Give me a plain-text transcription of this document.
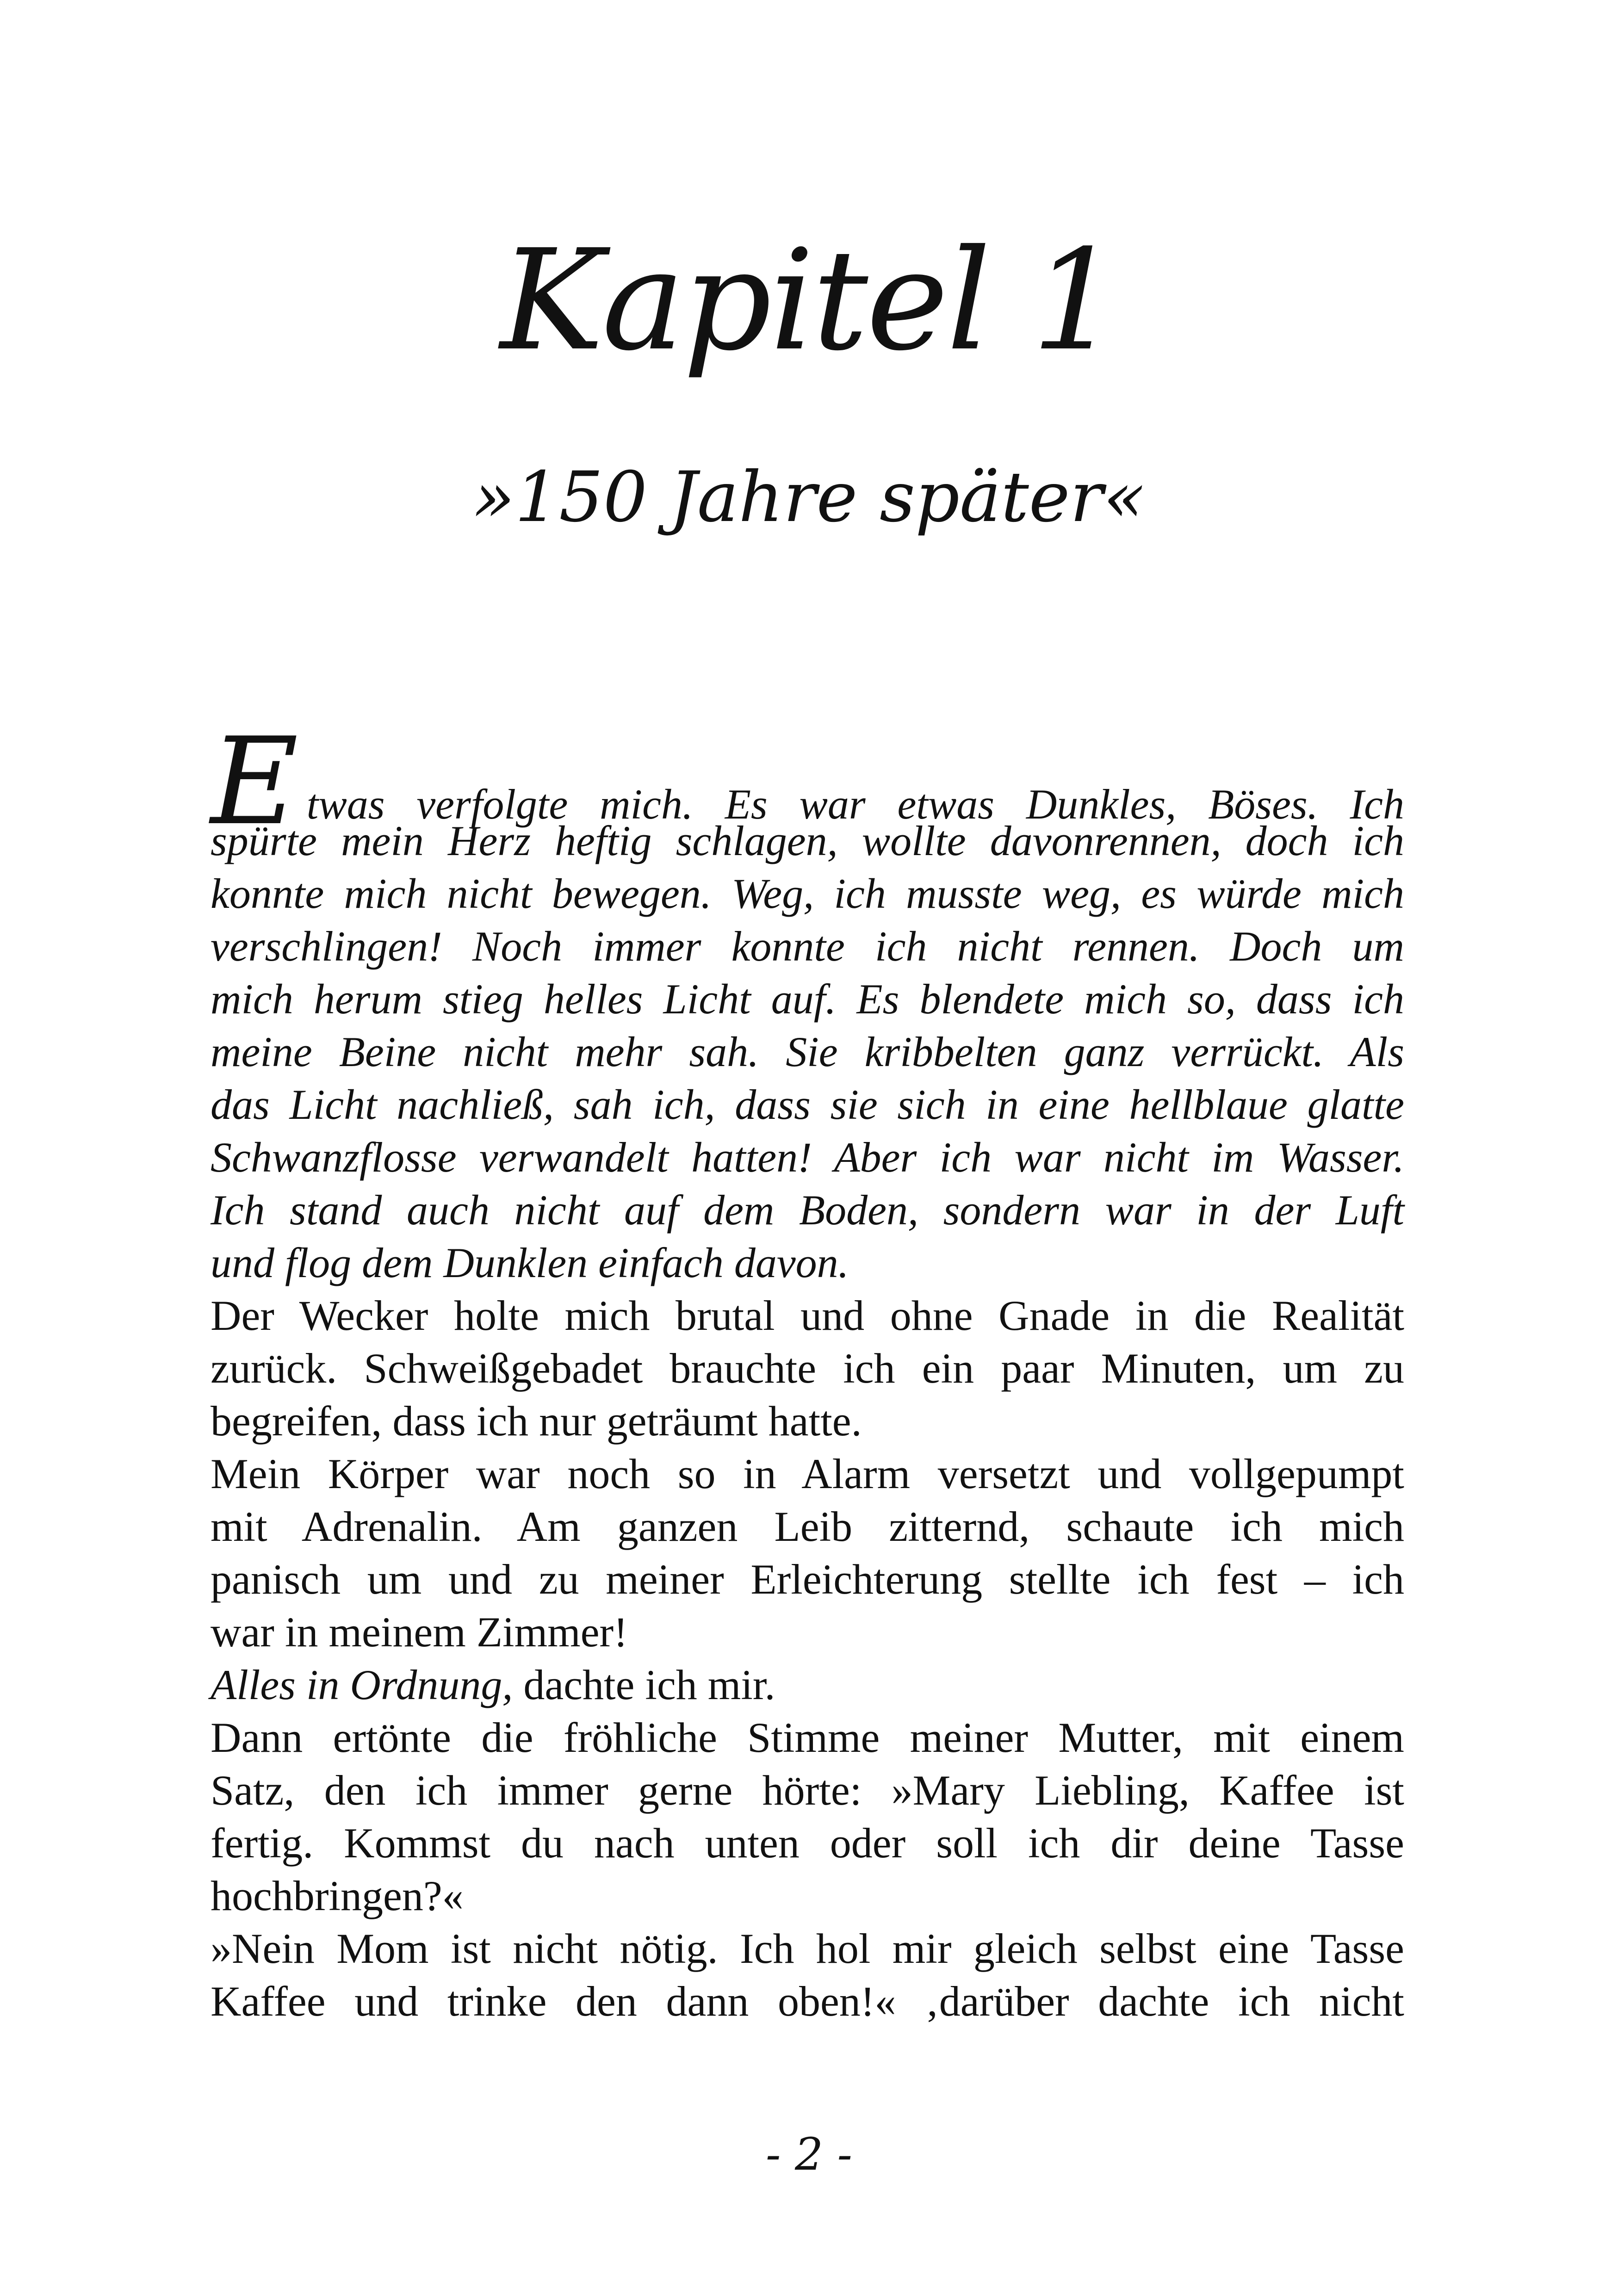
Kapitel 1
»150 Jahre später«
Etwas verfolgte mich. Es war etwas Dunkles, Böses. Ich
spürte mein Herz heftig schlagen, wollte davonrennen, doch ich
konnte mich nicht bewegen. Weg, ich musste weg, es würde mich
verschlingen! Noch immer konnte ich nicht rennen. Doch um
mich herum stieg helles Licht auf. Es blendete mich so, dass ich
meine Beine nicht mehr sah. Sie kribbelten ganz verrückt. Als
das Licht nachließ, sah ich, dass sie sich in eine hellblaue glatte
Schwanzflosse verwandelt hatten! Aber ich war nicht im Wasser.
Ich stand auch nicht auf dem Boden, sondern war in der Luft
und flog dem Dunklen einfach davon.
Der Wecker holte mich brutal und ohne Gnade in die Realität
zurück. Schweißgebadet brauchte ich ein paar Minuten, um zu
begreifen, dass ich nur geträumt hatte.
Mein Körper war noch so in Alarm versetzt und vollgepumpt
mit Adrenalin. Am ganzen Leib zitternd, schaute ich mich
panisch um und zu meiner Erleichterung stellte ich fest – ich
war in meinem Zimmer!
Alles in Ordnung, dachte ich mir.
Dann ertönte die fröhliche Stimme meiner Mutter, mit einem
Satz, den ich immer gerne hörte: »Mary Liebling, Kaffee ist
fertig. Kommst du nach unten oder soll ich dir deine Tasse
hochbringen?«
»Nein Mom ist nicht nötig. Ich hol mir gleich selbst eine Tasse
Kaffee und trinke den dann oben!« ‚darüber dachte ich nicht
- 2 -
